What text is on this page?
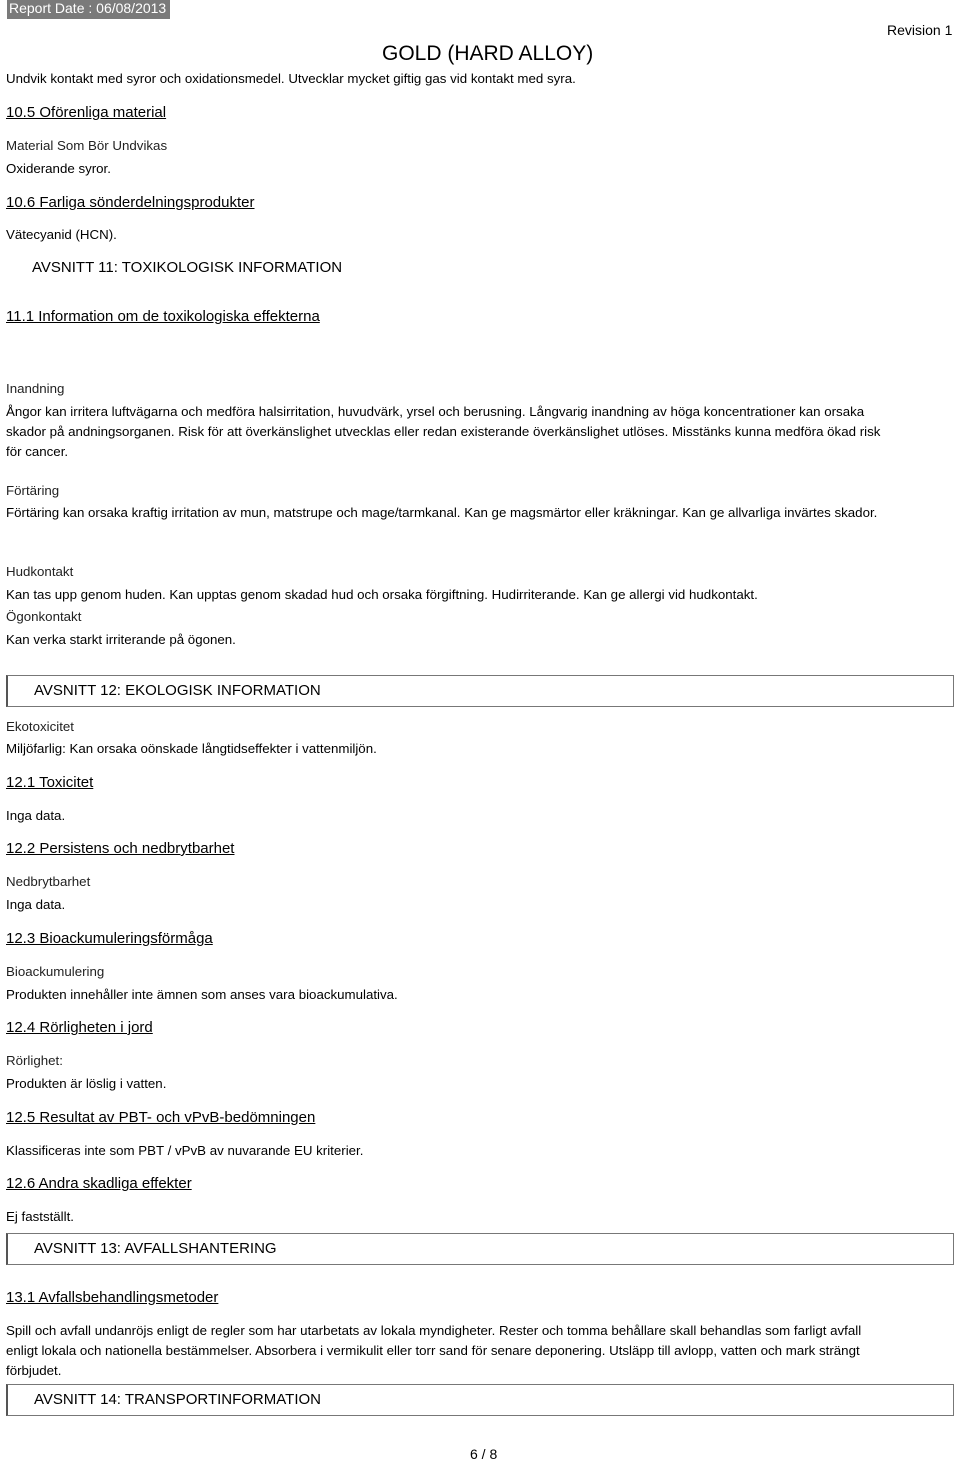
Report Date : 06/08/2013
GOLD (HARD ALLOY)
Revision 1
Undvik kontakt med syror och oxidationsmedel. Utvecklar mycket giftig gas vid kontakt med syra.
10.5 Oförenliga material
Material Som Bör Undvikas
Oxiderande syror.
10.6 Farliga sönderdelningsprodukter
Vätecyanid (HCN).
AVSNITT 11: TOXIKOLOGISK INFORMATION
11.1 Information om de toxikologiska effekterna
Inandning
Ångor kan irritera luftvägarna och medföra halsirritation, huvudvärk, yrsel och berusning. Långvarig inandning av höga koncentrationer kan orsaka skador på andningsorganen. Risk för att överkänslighet utvecklas eller redan existerande överkänslighet utlöses. Misstänks kunna medföra ökad risk för cancer.
Förtäring
Förtäring kan orsaka kraftig irritation av mun, matstrupe och mage/tarmkanal. Kan ge magsmärtor eller kräkningar. Kan ge allvarliga invärtes skador.
Hudkontakt
Kan tas upp genom huden. Kan upptas genom skadad hud och orsaka förgiftning. Hudirriterande. Kan ge allergi vid hudkontakt.
Ögonkontakt
Kan verka starkt irriterande på ögonen.
AVSNITT 12: EKOLOGISK INFORMATION
Ekotoxicitet
Miljöfarlig: Kan orsaka oönskade långtidseffekter i vattenmiljön.
12.1 Toxicitet
Inga data.
12.2 Persistens och nedbrytbarhet
Nedbrytbarhet
Inga data.
12.3 Bioackumuleringsförmåga
Bioackumulering
Produkten innehåller inte ämnen som anses vara bioackumulativa.
12.4 Rörligheten i jord
Rörlighet:
Produkten är löslig i vatten.
12.5 Resultat av PBT- och vPvB-bedömningen
Klassificeras inte som PBT / vPvB av nuvarande EU kriterier.
12.6 Andra skadliga effekter
Ej fastställt.
AVSNITT 13: AVFALLSHANTERING
13.1 Avfallsbehandlingsmetoder
Spill och avfall undanröjs enligt de regler som har utarbetats av lokala myndigheter. Rester och tomma behållare skall behandlas som farligt avfall enligt lokala och nationella bestämmelser. Absorbera i vermikulit eller torr sand för senare deponering. Utsläpp till avlopp, vatten och mark strängt förbjudet.
AVSNITT 14: TRANSPORTINFORMATION
6 / 8
